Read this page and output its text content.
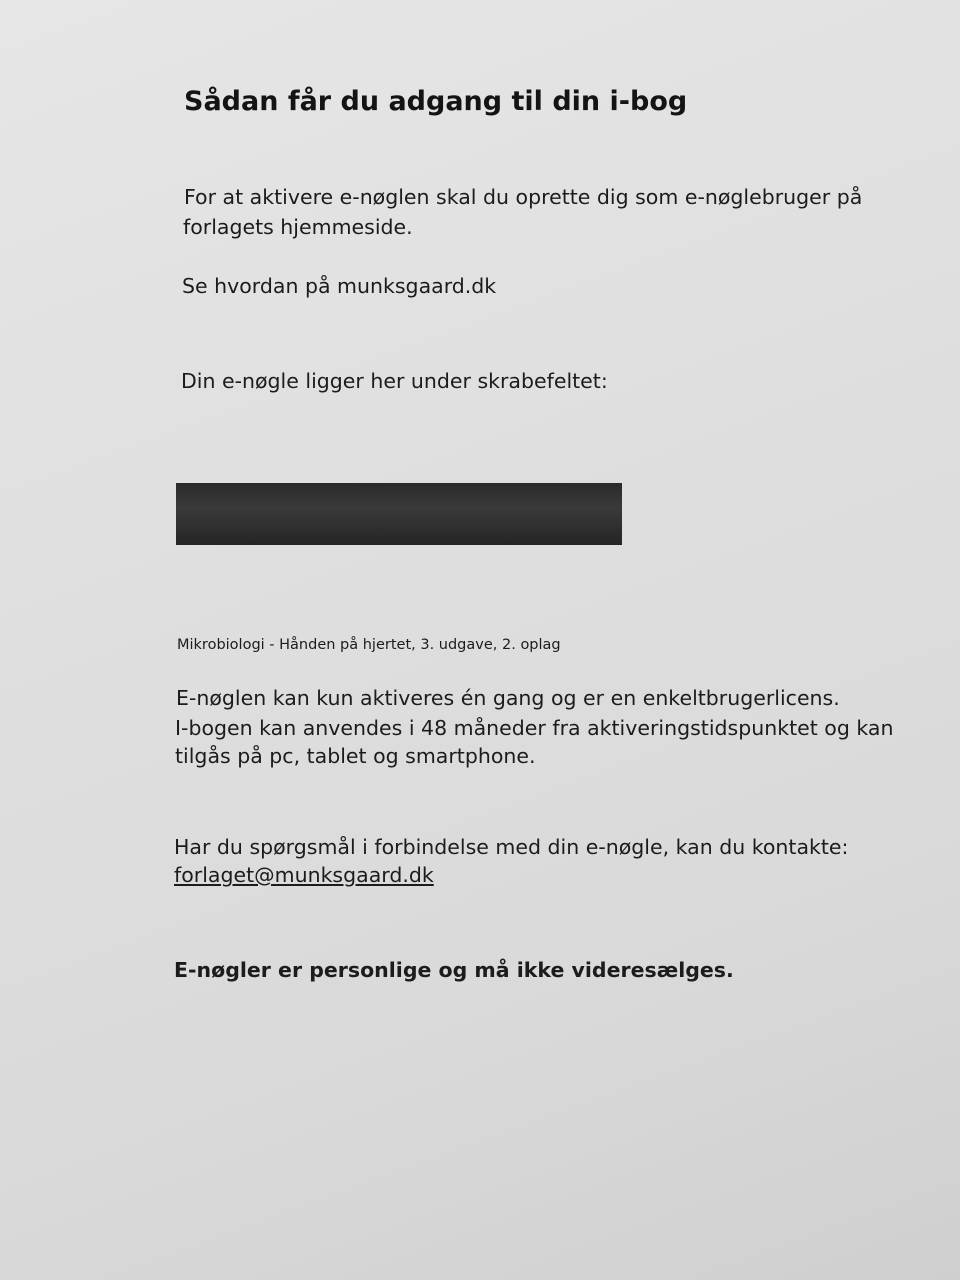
Sådan får du adgang til din i-bog
For at aktivere e-nøglen skal du oprette dig som e-nøglebruger på
forlagets hjemmeside.
Se hvordan på munksgaard.dk
Din e-nøgle ligger her under skrabefeltet:
Mikrobiologi - Hånden på hjertet, 3. udgave, 2. oplag
E-nøglen kan kun aktiveres én gang og er en enkeltbrugerlicens.
I-bogen kan anvendes i 48 måneder fra aktiveringstidspunktet og kan
tilgås på pc, tablet og smartphone.
Har du spørgsmål i forbindelse med din e-nøgle, kan du kontakte:
forlaget@munksgaard.dk
E-nøgler er personlige og må ikke videresælges.
